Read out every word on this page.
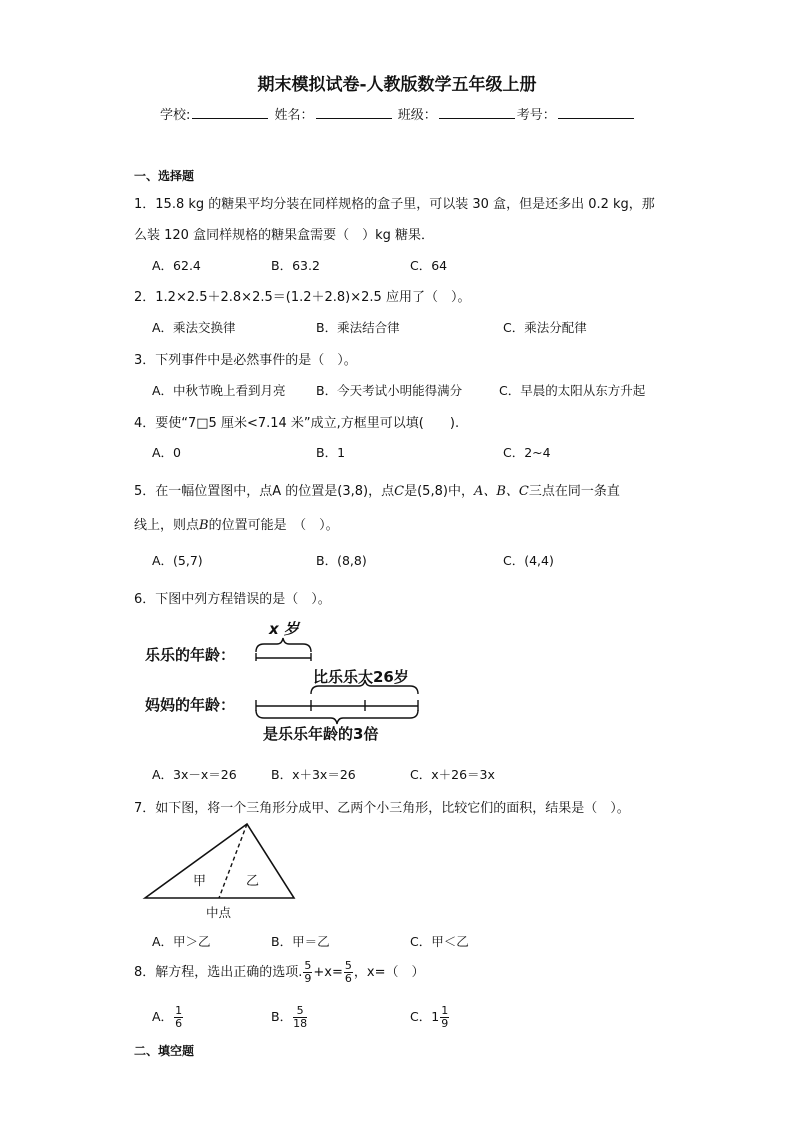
期末模拟试卷-人教版数学五年级上册
学校:	姓名：	班级：	考号：
一、选择题
1．15.8 kg 的糖果平均分装在同样规格的盒子里，可以装 30 盒，但是还多出 0.2 kg，那
么装 120 盒同样规格的糖果盒需要（　）kg 糖果．
A．62.4	B．63.2	C．64
2．1.2×2.5＋2.8×2.5＝(1.2＋2.8)×2.5 应用了（　）。
A．乘法交换律	B．乘法结合律	C．乘法分配律
3．下列事件中是必然事件的是（　）。
A．中秋节晚上看到月亮 B．今天考试小明能得满分	C．早晨的太阳从东方升起
4．要使“7□5 厘米<7.14 米”成立,方框里可以填(　　).
A．0	B．1	C．2~4
5．在一幅位置图中，点A 的位置是(3,8)，点C是(5,8)中，A、B、C三点在同一条直
线上，则点B的位置可能是　（　）。
A．(5,7)	B．(8,8)	C．(4,4)
6．下图中列方程错误的是（　）。
x 岁
乐乐的年龄：
比乐乐大26岁
妈妈的年龄：
是乐乐年龄的3倍
A．3x－x＝26	B．x＋3x＝26	C．x＋26＝3x
7．如下图，将一个三角形分成甲、乙两个小三角形，比较它们的面积，结果是（　）。
甲	乙
中点
A．甲＞乙	B．甲＝乙	C．甲＜乙
8．解方程，选出正确的选项. $\frac{5}{9} +x= \frac{5}{6}$ ，x=（　）
A． $\frac{1}{6}$	B． $\frac{5}{18}$	C．$1 \frac{1}{9}$
二、填空题
